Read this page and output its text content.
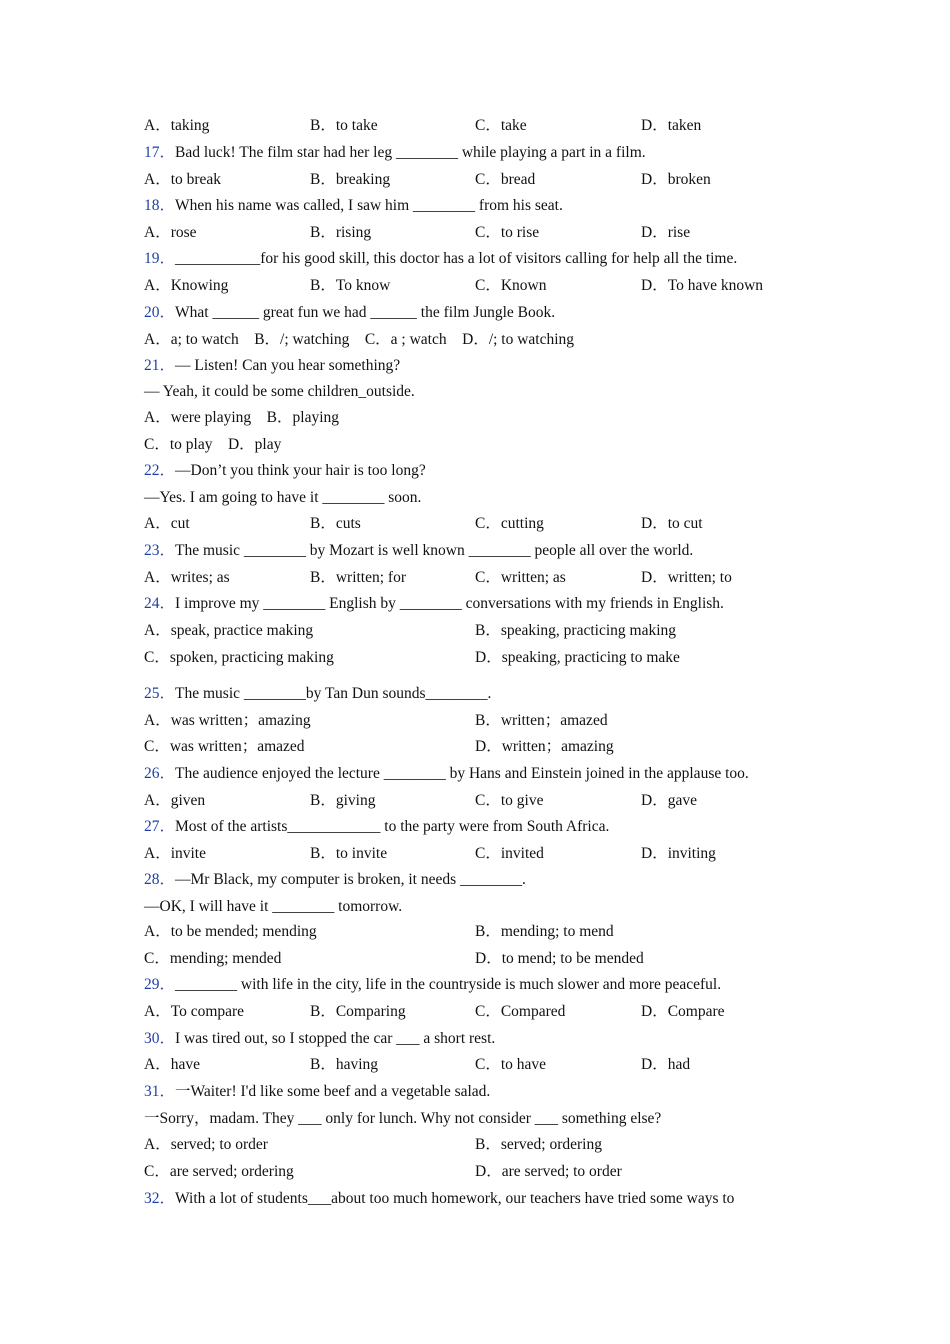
A．taking	B．to take	C．take	D．taken
17．Bad luck! The film star had her leg ________ while playing a part in a film.
A．to break	B．breaking	C．bread	D．broken
18．When his name was called, I saw him ________ from his seat.
A．rose	B．rising	C．to rise	D．rise
19．___________for his good skill, this doctor has a lot of visitors calling for help all the time.
A．Knowing	B．To know	C．Known	D．To have known
20．What ______ great fun we had ______ the film Jungle Book.
A．a; to watch　B．/; watching　C．a ; watch　D．/; to watching
21．— Listen! Can you hear something?
— Yeah, it could be some children_outside.
A．were playing　B．playing
C．to play　D．play
22．—Don’t you think your hair is too long?
—Yes. I am going to have it ________ soon.
A．cut	B．cuts	C．cutting	D．to cut
23．The music ________ by Mozart is well known ________ people all over the world.
A．writes; as	B．written; for	C．written; as	D．written; to
24．I improve my ________ English by ________ conversations with my friends in English.
A．speak, practice making	B．speaking, practicing making
C．spoken, practicing making	D．speaking, practicing to make
25．The music ________by Tan Dun sounds________.
A．was written；amazing	B．written；amazed
C．was written；amazed	D．written；amazing
26．The audience enjoyed the lecture ________ by Hans and Einstein joined in the applause too.
A．given	B．giving	C．to give	D．gave
27．Most of the artists____________ to the party were from South Africa.
A．invite	B．to invite	C．invited	D．inviting
28．—Mr Black, my computer is broken, it needs ________.
—OK, I will have it ________ tomorrow.
A．to be mended; mending	B．mending; to mend
C．mending; mended	D．to mend; to be mended
29．________ with life in the city, life in the countryside is much slower and more peaceful.
A．To compare	B．Comparing	C．Compared	D．Compare
30．I was tired out, so I stopped the car ___ a short rest.
A．have	B．having	C．to have	D．had
31．一Waiter! I'd like some beef and a vegetable salad.
一Sorry，madam. They ___ only for lunch. Why not consider ___ something else?
A．served; to order	B．served; ordering
C．are served; ordering	D．are served; to order
32．With a lot of students___about too much homework, our teachers have tried some ways to
